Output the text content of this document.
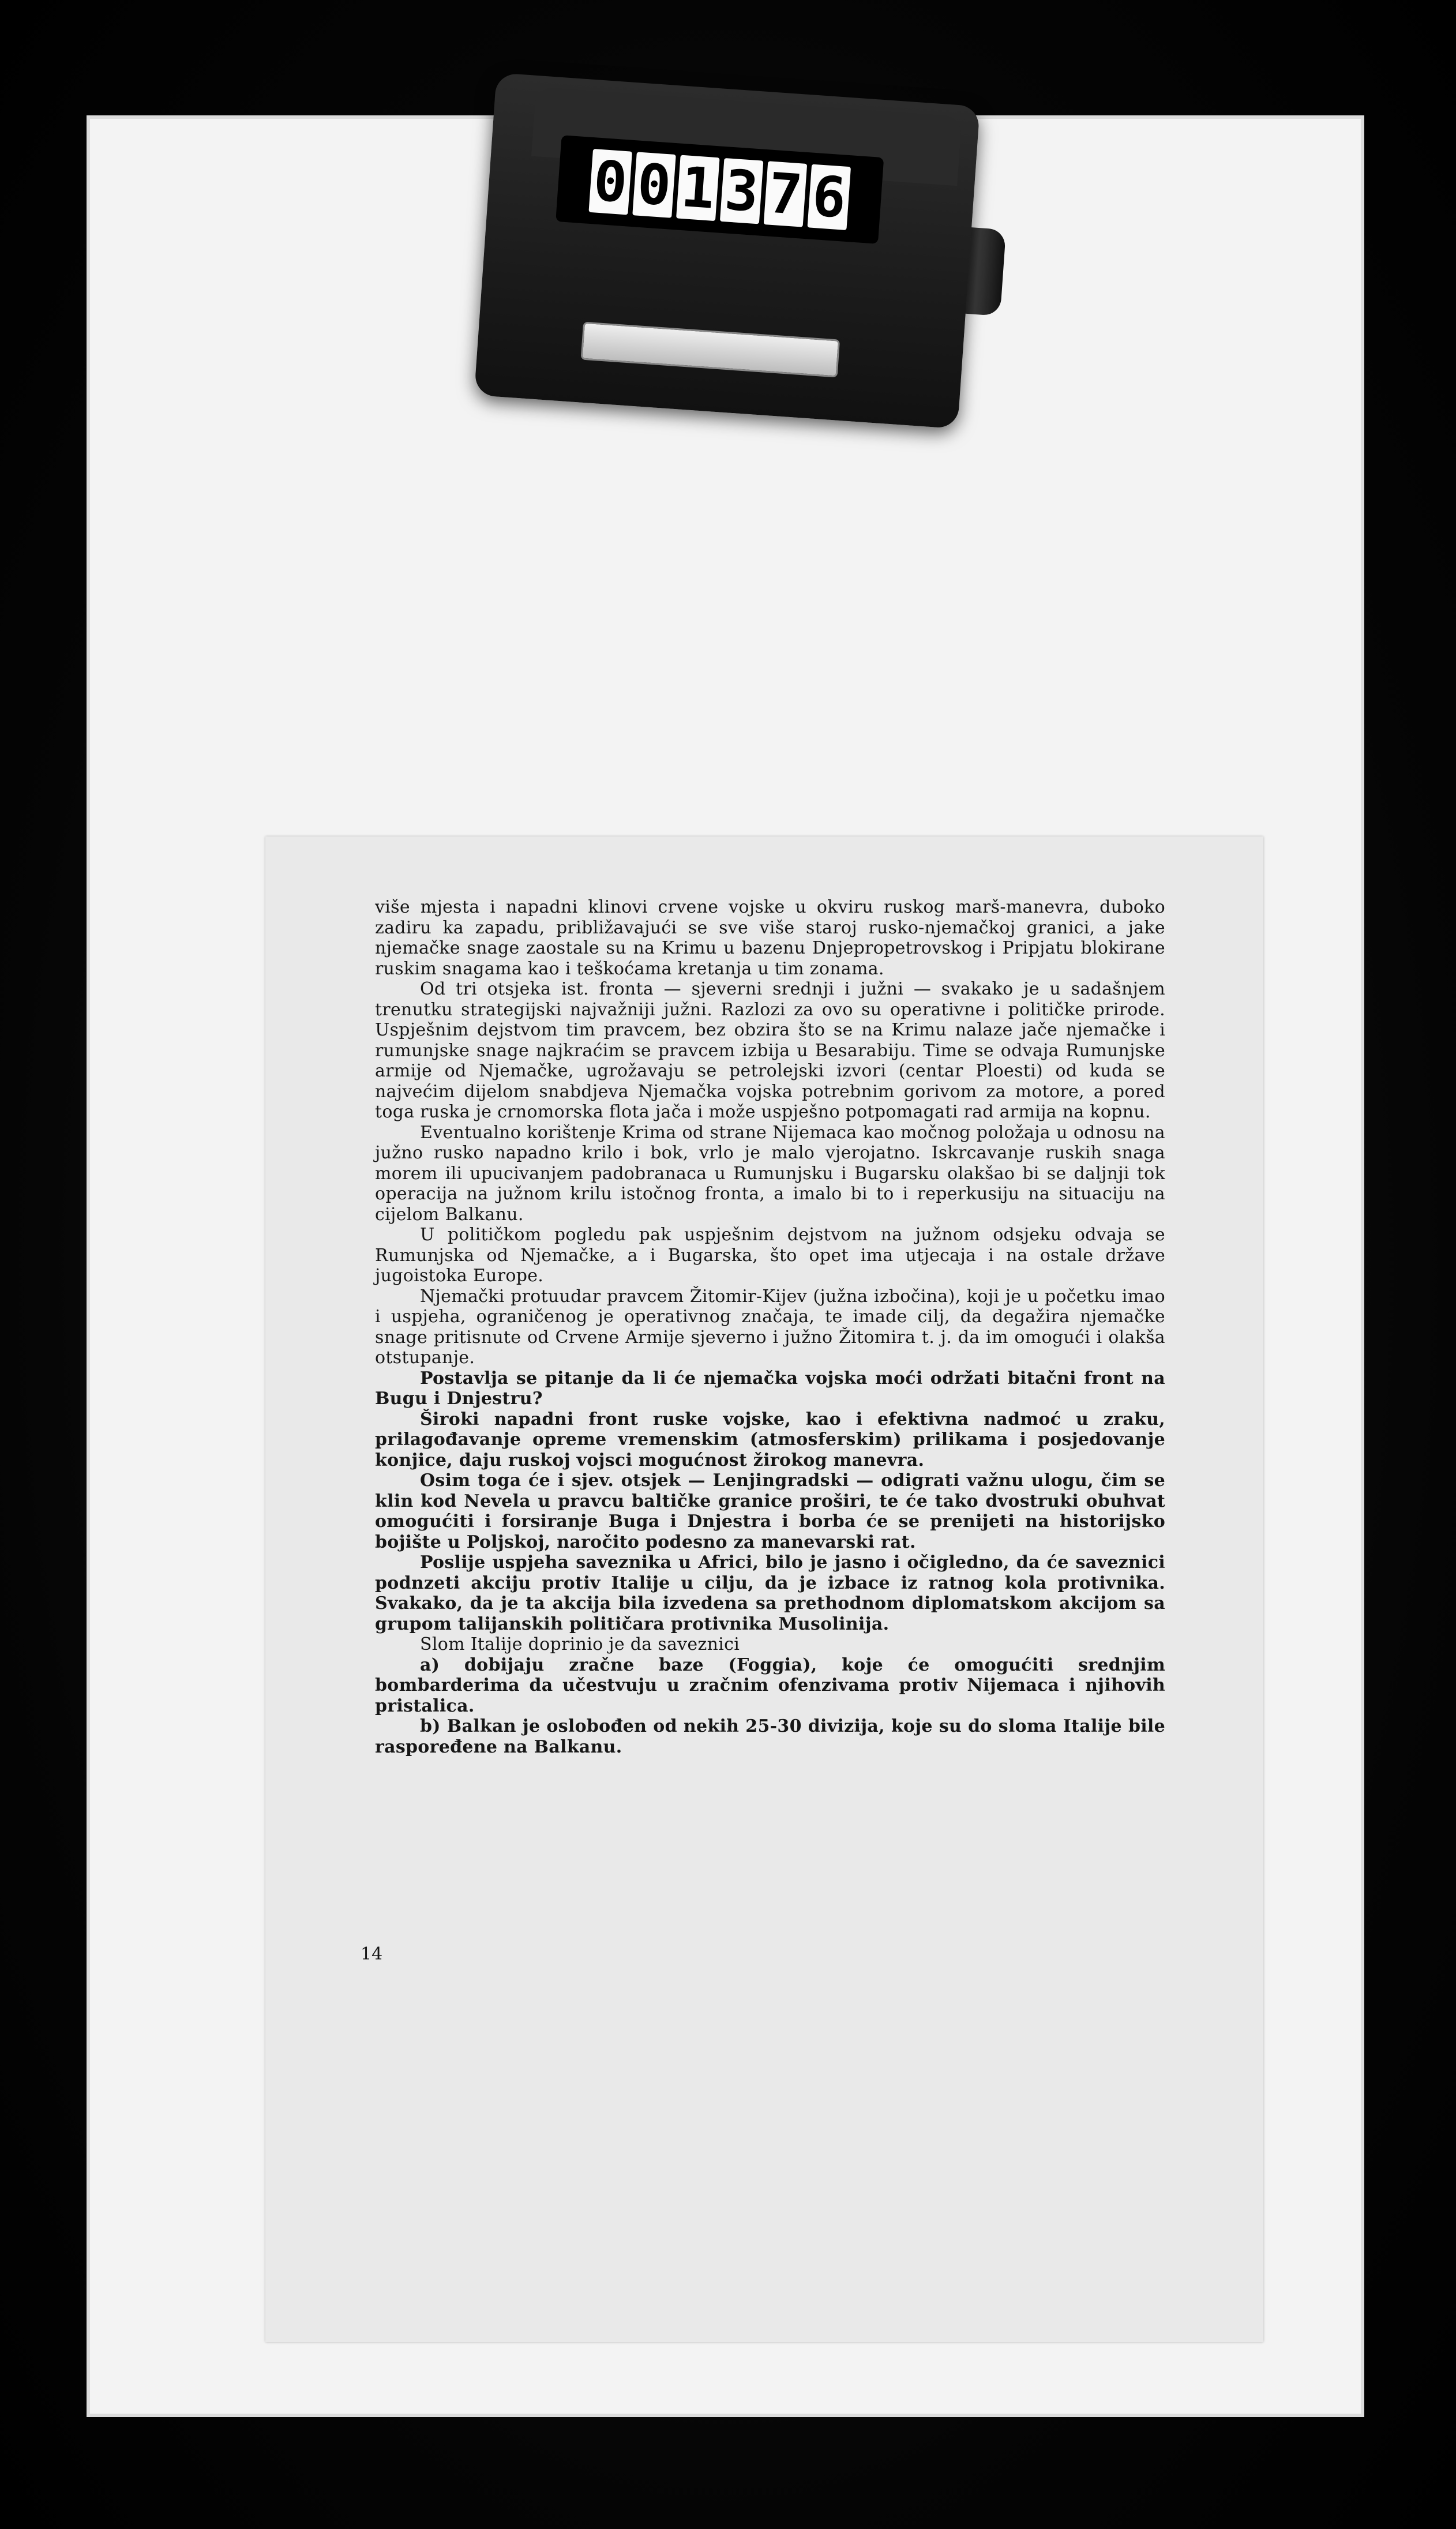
0 0 1 3 7 6

više mjesta i napadni klinovi crvene vojske u okviru ruskog marš-manevra, duboko zadiru ka zapadu, približavajući se sve više staroj rusko-njemačkoj granici, a jake njemačke snage zaostale su na Krimu u bazenu Dnjepropetrovskog i Pripjatu blokirane ruskim snagama kao i teškoćama kretanja u tim zonama.

Od tri otsjeka ist. fronta — sjeverni srednji i južni — svakako je u sadašnjem trenutku strategijski najvažniji južni. Razlozi za ovo su operativne i političke prirode. Uspješnim dejstvom tim pravcem, bez obzira što se na Krimu nalaze jače njemačke i rumunjske snage najkraćim se pravcem izbija u Besarabiju. Time se odvaja Rumunjske armije od Njemačke, ugrožavaju se petrolejski izvori (centar Ploesti) od kuda se najvećim dijelom snabdjeva Njemačka vojska potrebnim gorivom za motore, a pored toga ruska je crnomorska flota jača i može uspješno potpomagati rad armija na kopnu.

Eventualno korištenje Krima od strane Nijemaca kao močnog položaja u odnosu na južno rusko napadno krilo i bok, vrlo je malo vjerojatno. Iskrcavanje ruskih snaga morem ili upucivanjem padobranaca u Rumunjsku i Bugarsku olakšao bi se daljnji tok operacija na južnom krilu istočnog fronta, a imalo bi to i reperkusiju na situaciju na cijelom Balkanu.

U političkom pogledu pak uspješnim dejstvom na južnom odsjeku odvaja se Rumunjska od Njemačke, a i Bugarska, što opet ima utjecaja i na ostale države jugoistoka Europe.

Njemački protuudar pravcem Žitomir-Kijev (južna izbočina), koji je u početku imao i uspjeha, ograničenog je operativnog značaja, te imade cilj, da degažira njemačke snage pritisnute od Crvene Armije sjeverno i južno Žitomira t. j. da im omogući i olakša otstupanje.

Postavlja se pitanje da li će njemačka vojska moći održati bitačni front na Bugu i Dnjestru?

Široki napadni front ruske vojske, kao i efektivna nadmoć u zraku, prilagođavanje opreme vremenskim (atmosferskim) prilikama i posjedovanje konjice, daju ruskoj vojsci mogućnost žirokog manevra.

Osim toga će i sjev. otsjek — Lenjingradski — odigrati važnu ulogu, čim se klin kod Nevela u pravcu baltičke granice proširi, te će tako dvostruki obuhvat omogućiti i forsiranje Buga i Dnjestra i borba će se prenijeti na historijsko bojište u Poljskoj, naročito podesno za manevarski rat.

Poslije uspjeha saveznika u Africi, bilo je jasno i očigledno, da će saveznici podnzeti akciju protiv Italije u cilju, da je izbace iz ratnog kola protivnika. Svakako, da je ta akcija bila izvedena sa prethodnom diplomatskom akcijom sa grupom talijanskih političara protivnika Musolinija.

Slom Italije doprinio je da saveznici

a) dobijaju zračne baze (Foggia), koje će omogućiti srednjim bombarderima da učestvuju u zračnim ofenzivama protiv Nijemaca i njihovih pristalica.

b) Balkan je oslobođen od nekih 25-30 divizija, koje su do sloma Italije bile raspoređene na Balkanu.

14
